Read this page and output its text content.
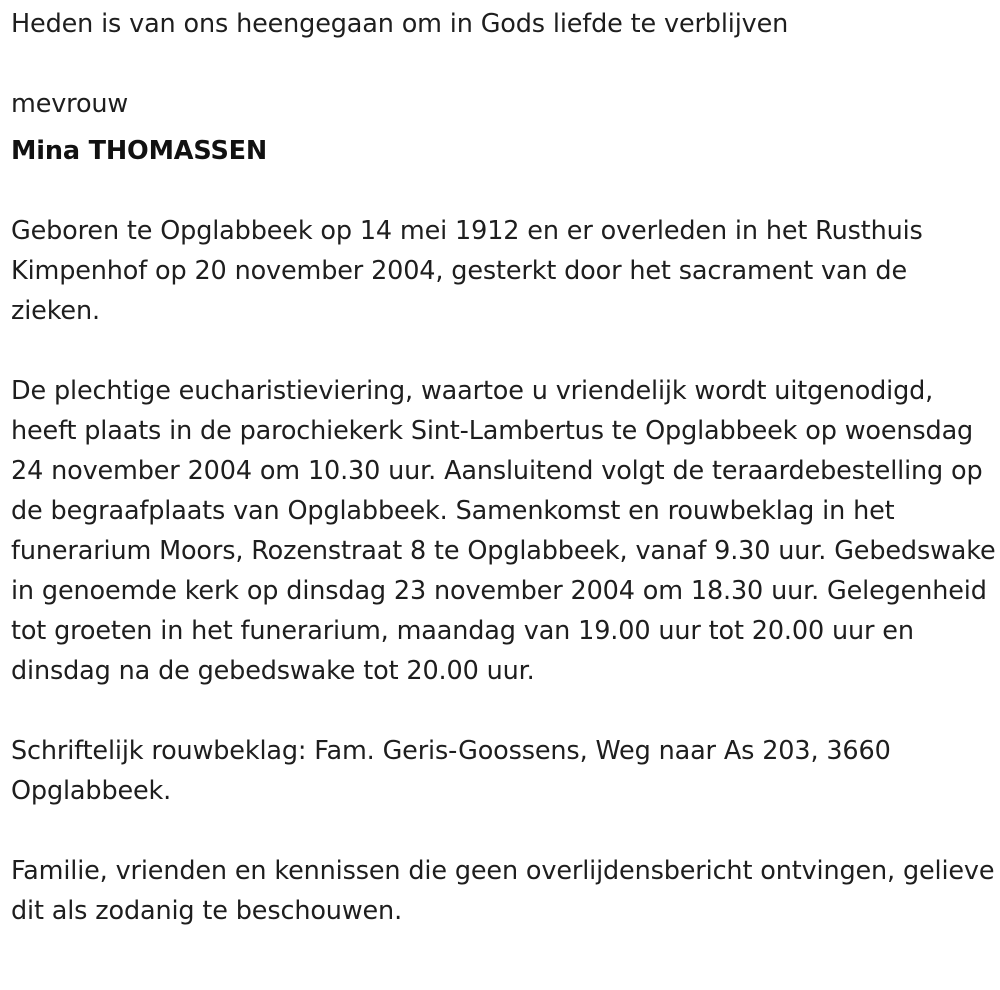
Heden is van ons heengegaan om in Gods liefde te verblijven

mevrouw

Mina THOMASSEN

Geboren te Opglabbeek op 14 mei 1912 en er overleden in het Rusthuis Kimpenhof op 20 november 2004, gesterkt door het sacrament van de zieken.

De plechtige eucharistieviering, waartoe u vriendelijk wordt uitgenodigd, heeft plaats in de parochiekerk Sint-Lambertus te Opglabbeek op woensdag 24 november 2004 om 10.30 uur. Aansluitend volgt de teraardebestelling op de begraafplaats van Opglabbeek. Samenkomst en rouwbeklag in het funerarium Moors, Rozenstraat 8 te Opglabbeek, vanaf 9.30 uur. Gebedswake in genoemde kerk op dinsdag 23 november 2004 om 18.30 uur. Gelegenheid tot groeten in het funerarium, maandag van 19.00 uur tot 20.00 uur en dinsdag na de gebedswake tot 20.00 uur.

Schriftelijk rouwbeklag: Fam. Geris-Goossens, Weg naar As 203, 3660 Opglabbeek.

Familie, vrienden en kennissen die geen overlijdensbericht ontvingen, gelieve dit als zodanig te beschouwen.
